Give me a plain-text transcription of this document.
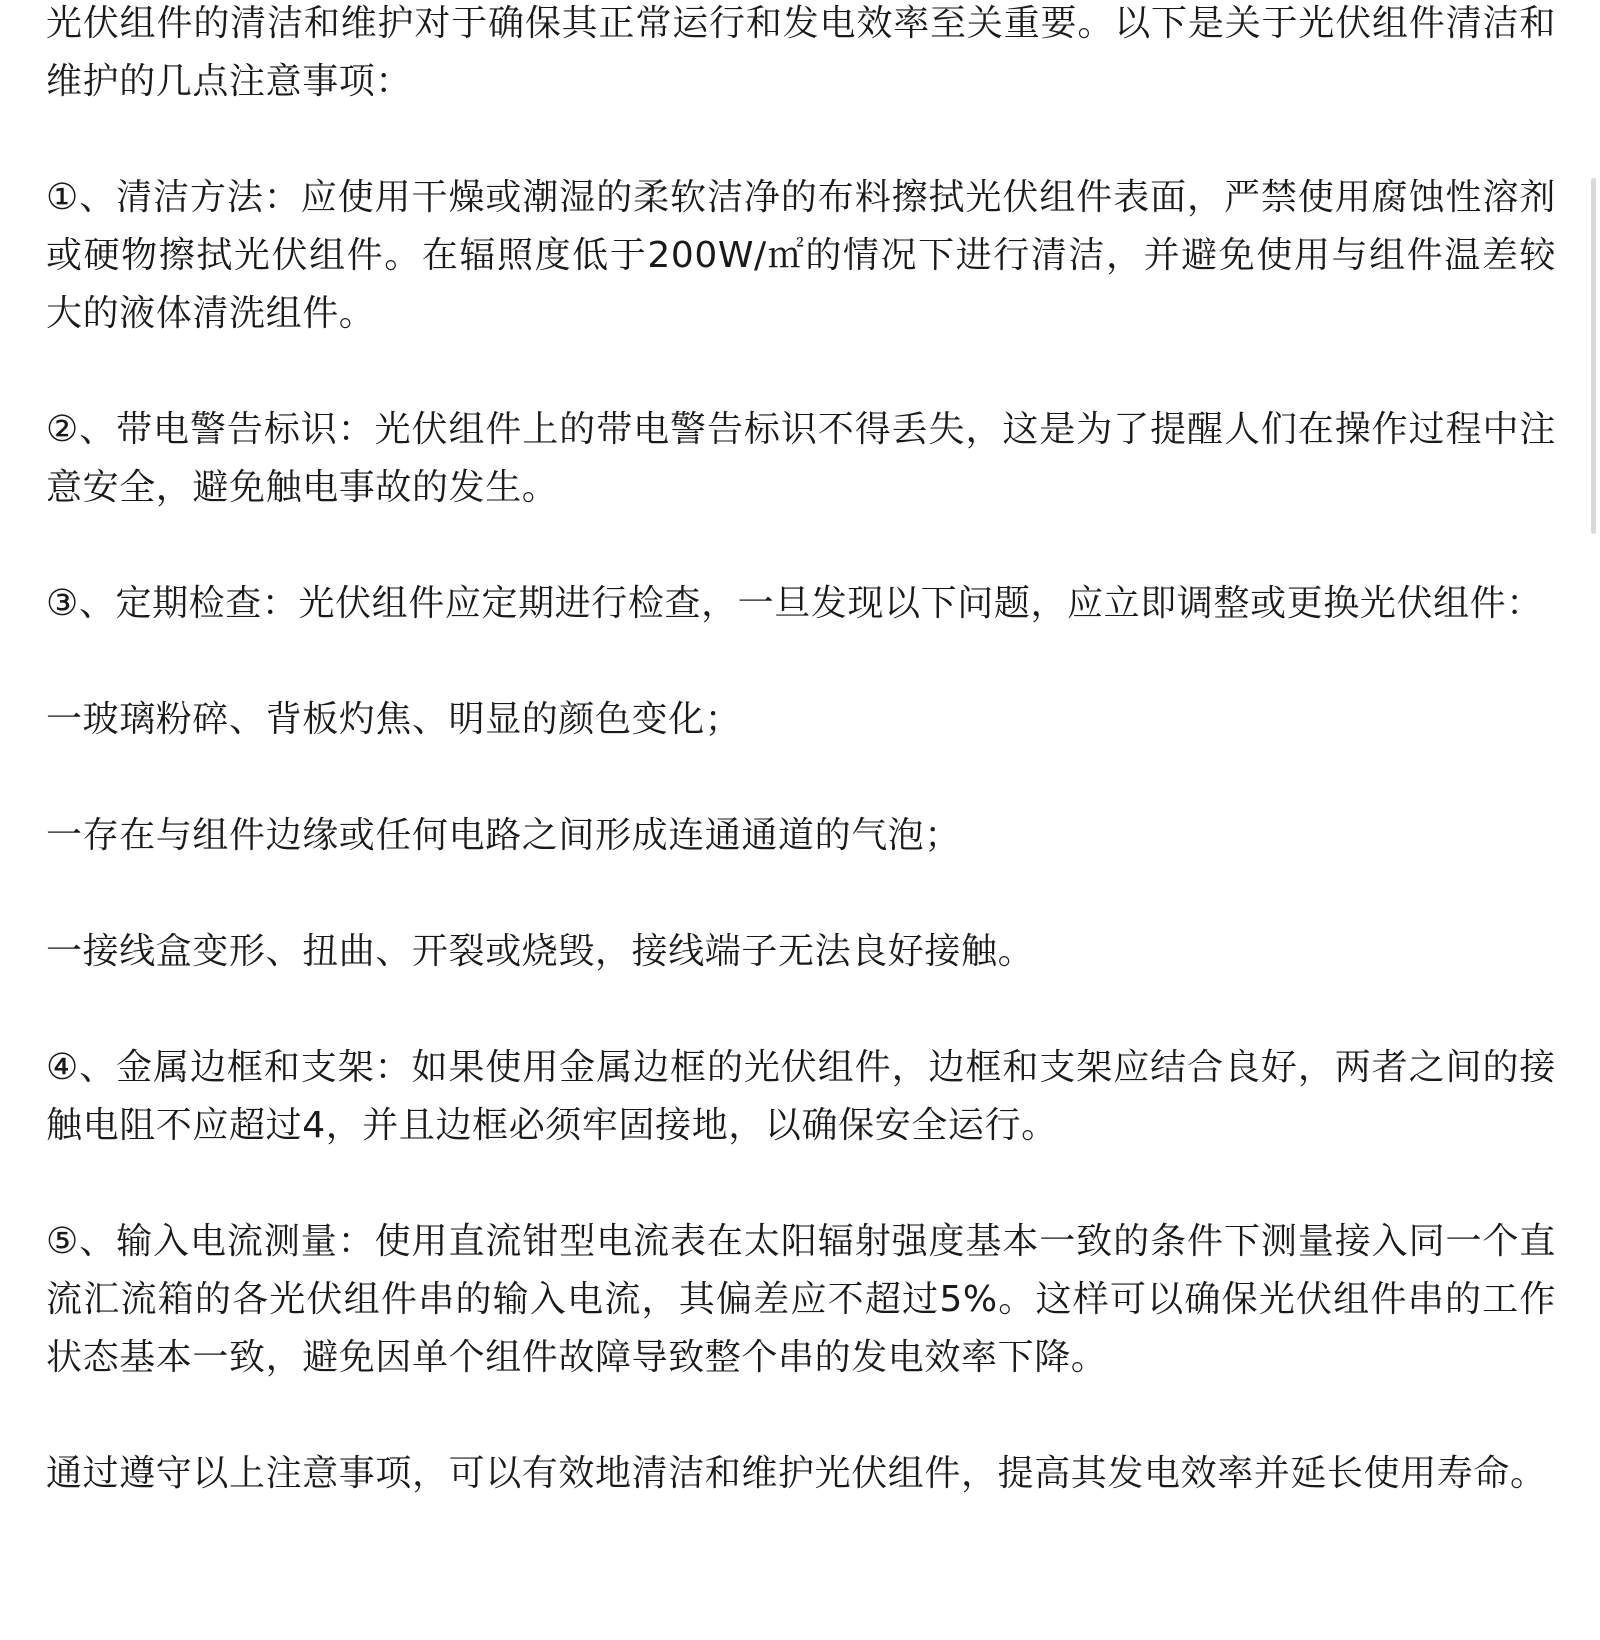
光伏组件的清洁和维护对于确保其正常运行和发电效率至关重要。以下是关于光伏组件清洁和维护的几点注意事项：

①、清洁方法：应使用干燥或潮湿的柔软洁净的布料擦拭光伏组件表面，严禁使用腐蚀性溶剂或硬物擦拭光伏组件。在辐照度低于200W/㎡的情况下进行清洁，并避免使用与组件温差较大的液体清洗组件。

②、带电警告标识：光伏组件上的带电警告标识不得丢失，这是为了提醒人们在操作过程中注意安全，避免触电事故的发生。

③、定期检查：光伏组件应定期进行检查，一旦发现以下问题，应立即调整或更换光伏组件：

一玻璃粉碎、背板灼焦、明显的颜色变化；

一存在与组件边缘或任何电路之间形成连通通道的气泡；

一接线盒变形、扭曲、开裂或烧毁，接线端子无法良好接触。

④、金属边框和支架：如果使用金属边框的光伏组件，边框和支架应结合良好，两者之间的接触电阻不应超过4，并且边框必须牢固接地，以确保安全运行。

⑤、输入电流测量：使用直流钳型电流表在太阳辐射强度基本一致的条件下测量接入同一个直流汇流箱的各光伏组件串的输入电流，其偏差应不超过5%。这样可以确保光伏组件串的工作状态基本一致，避免因单个组件故障导致整个串的发电效率下降。

通过遵守以上注意事项，可以有效地清洁和维护光伏组件，提高其发电效率并延长使用寿命。
